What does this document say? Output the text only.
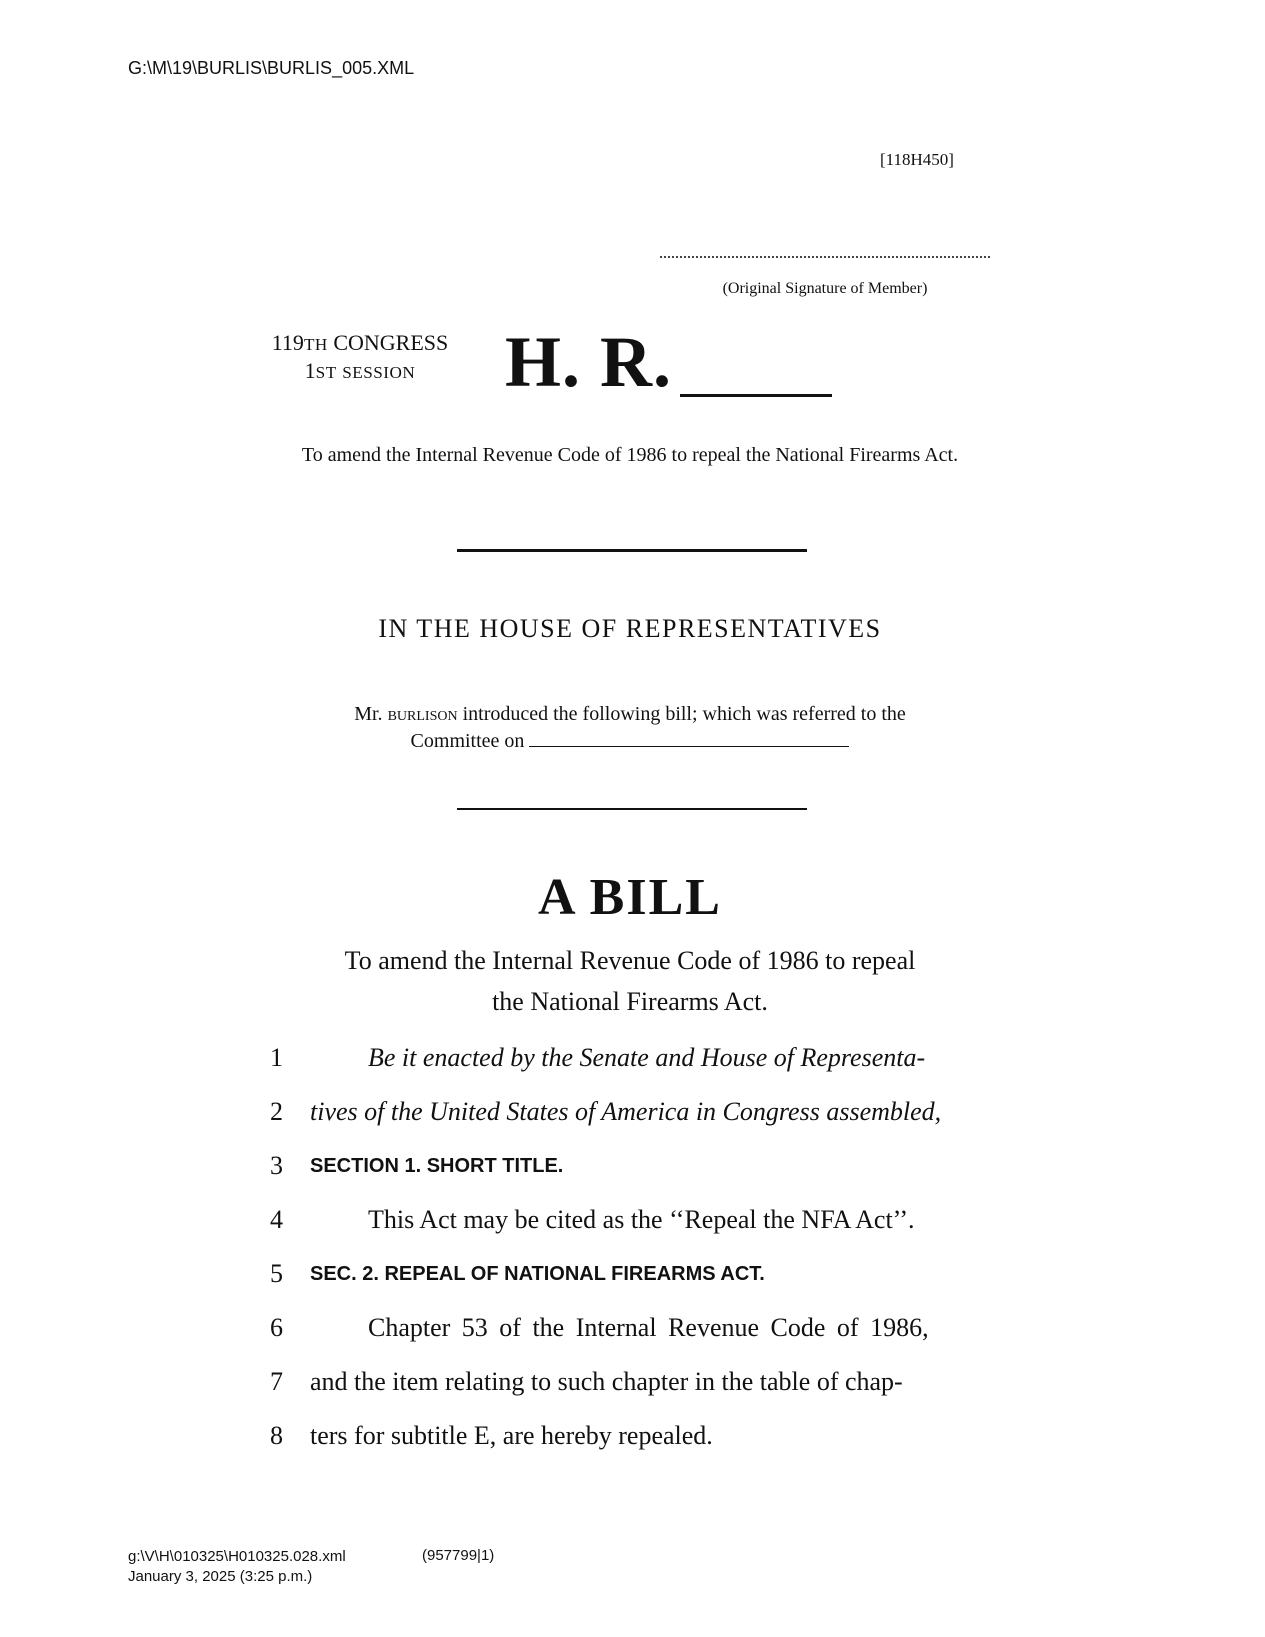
G:\M\19\BURLIS\BURLIS_005.XML
[118H450]
(Original Signature of Member)
119TH CONGRESS
1ST SESSION	H. R.
To amend the Internal Revenue Code of 1986 to repeal the National Firearms Act.
IN THE HOUSE OF REPRESENTATIVES
Mr. burlison introduced the following bill; which was referred to the
Committee on
A BILL
To amend the Internal Revenue Code of 1986 to repeal
the National Firearms Act.
1	Be it enacted by the Senate and House of Representa-
2 tives of the United States of America in Congress assembled,
3	SECTION 1. SHORT TITLE.
4	This Act may be cited as the ‘‘Repeal the NFA Act’’.
5	SEC. 2. REPEAL OF NATIONAL FIREARMS ACT.
6	Chapter 53 of the Internal Revenue Code of 1986,
7 and the item relating to such chapter in the table of chap-
8 ters for subtitle E, are hereby repealed.
g:\V\H\010325\H010325.028.xml
January 3, 2025 (3:25 p.m.)
(957799|1)
